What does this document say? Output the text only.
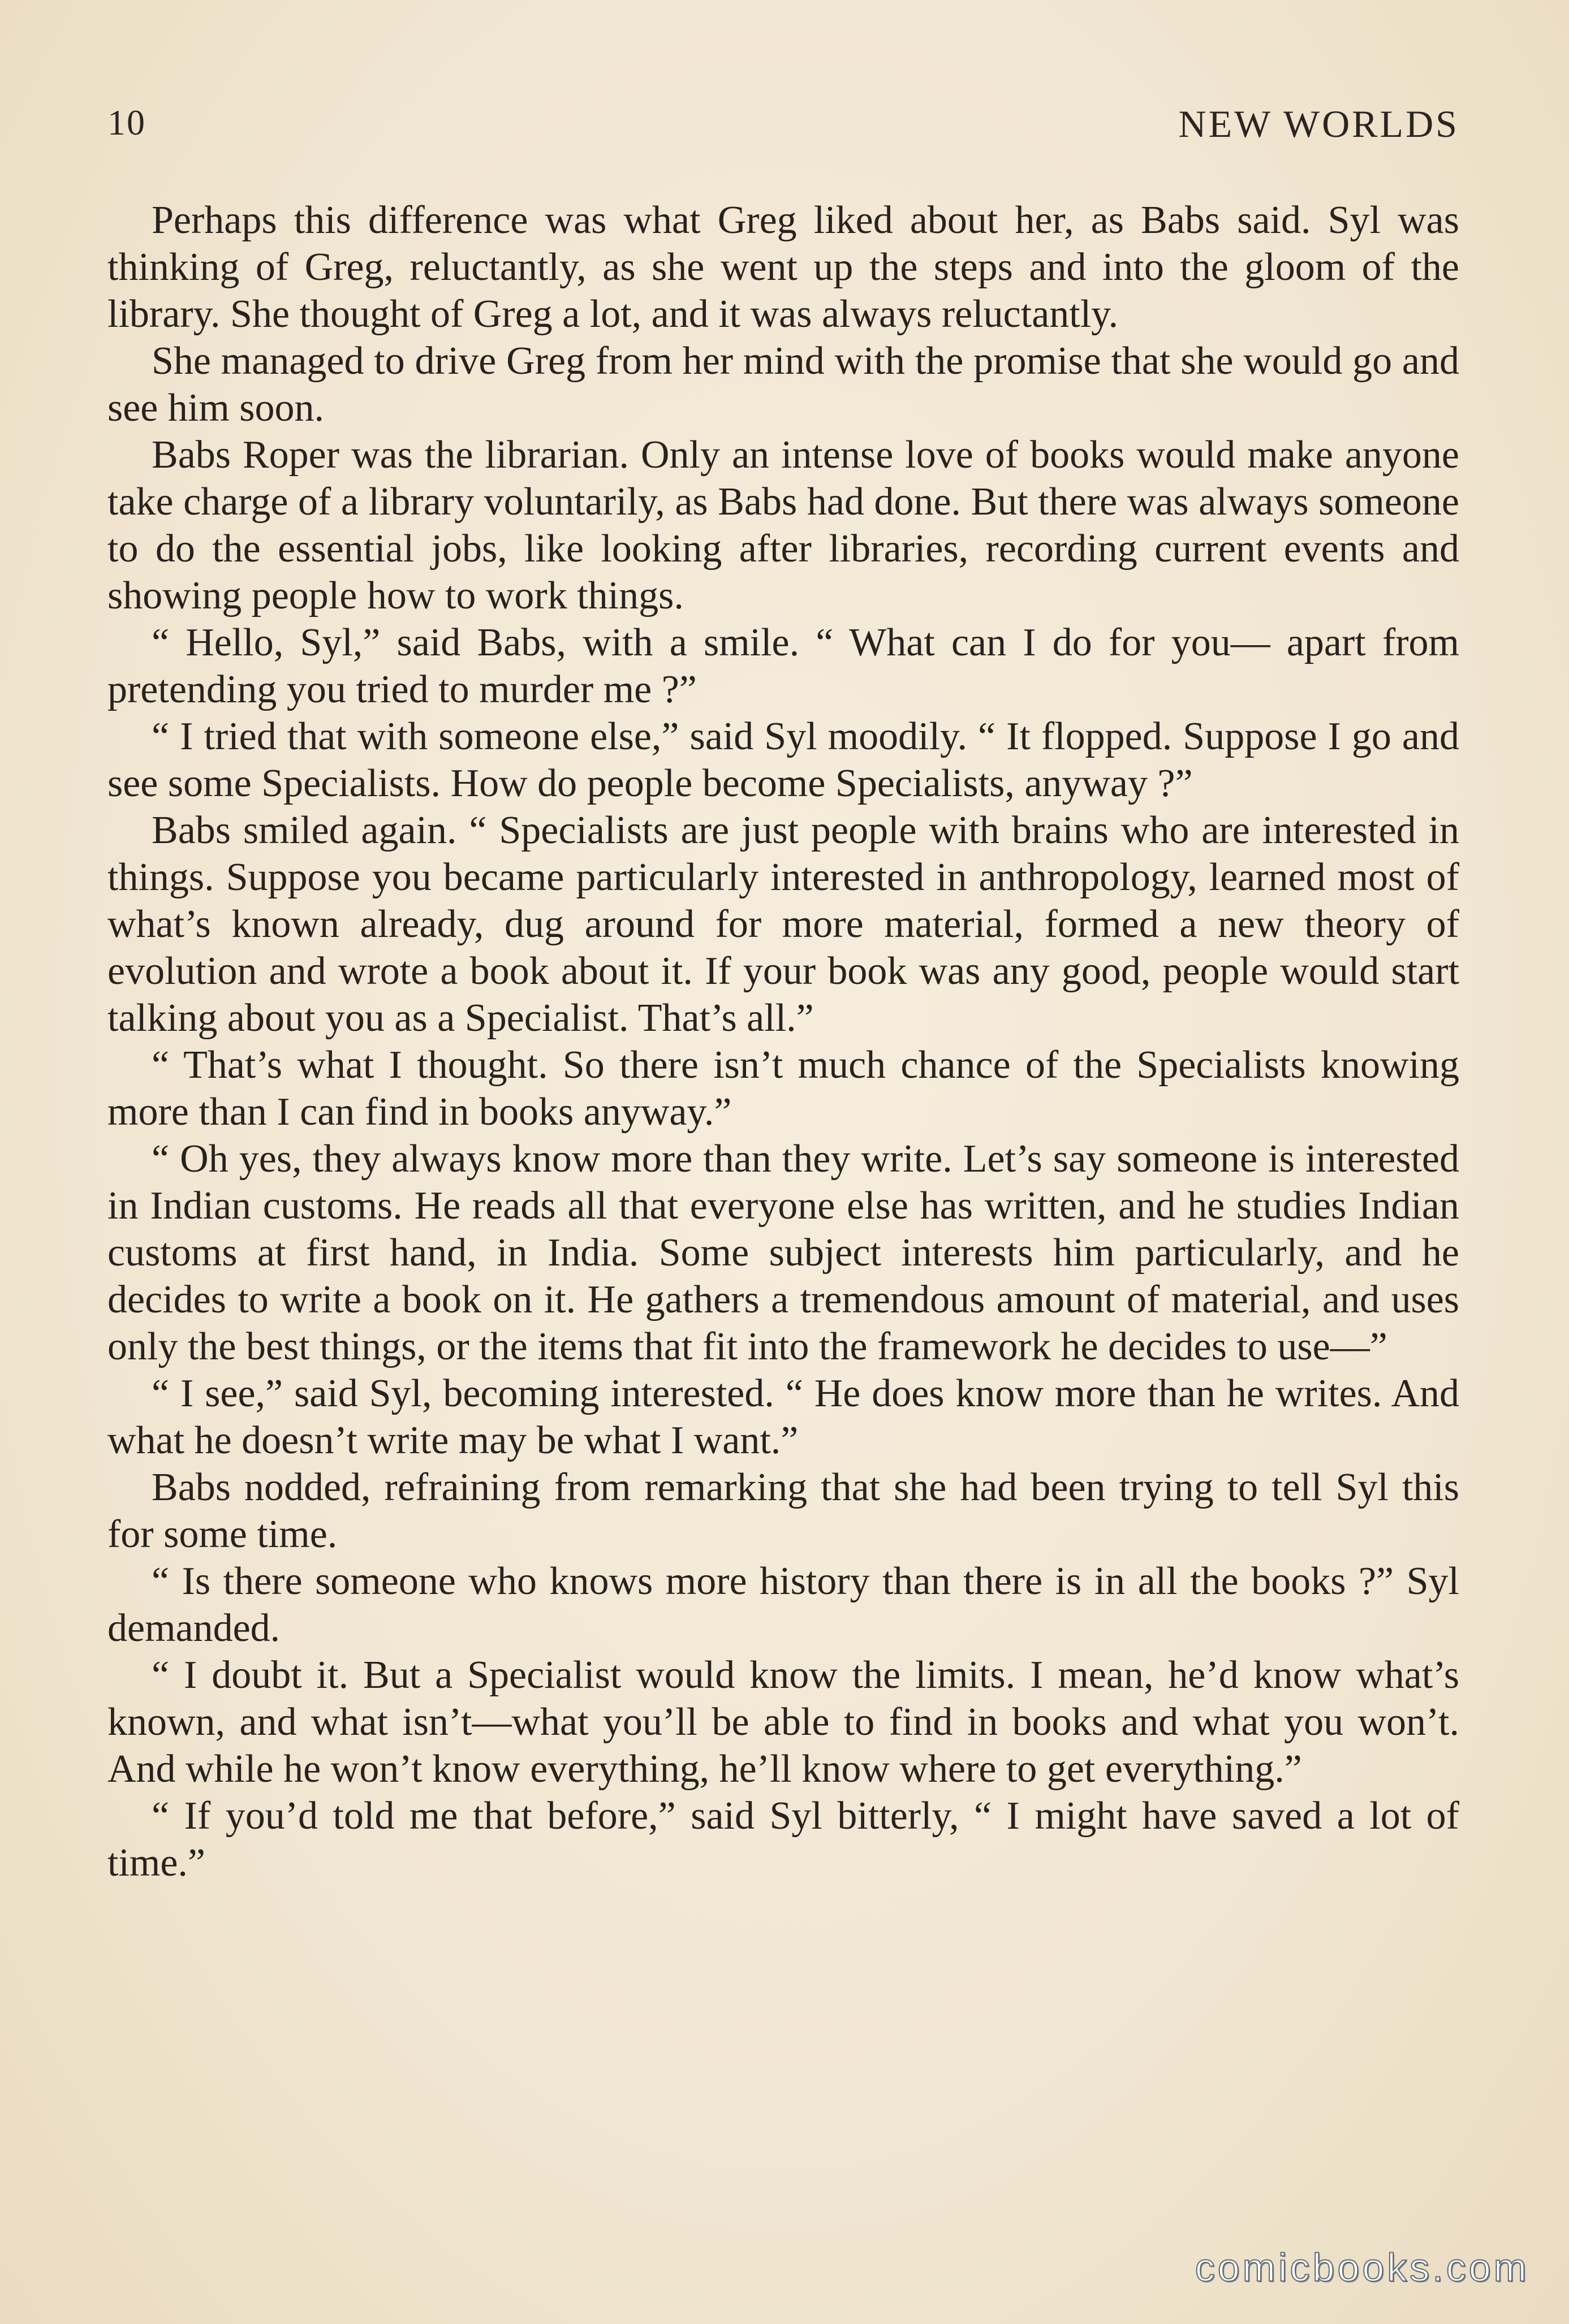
10	NEW WORLDS

Perhaps this difference was what Greg liked about her, as Babs said. Syl was thinking of Greg, reluctantly, as she went up the steps and into the gloom of the library. She thought of Greg a lot, and it was always reluctantly.

She managed to drive Greg from her mind with the promise that she would go and see him soon.

Babs Roper was the librarian. Only an intense love of books would make anyone take charge of a library voluntarily, as Babs had done. But there was always someone to do the essential jobs, like looking after libraries, recording current events and showing people how to work things.

“ Hello, Syl,” said Babs, with a smile. “ What can I do for you— apart from pretending you tried to murder me ?”

“ I tried that with someone else,” said Syl moodily. “ It flopped. Suppose I go and see some Specialists. How do people become Specialists, anyway ?”

Babs smiled again. “ Specialists are just people with brains who are interested in things. Suppose you became particularly interested in anthropology, learned most of what’s known already, dug around for more material, formed a new theory of evolution and wrote a book about it. If your book was any good, people would start talking about you as a Specialist. That’s all.”

“ That’s what I thought. So there isn’t much chance of the Specialists knowing more than I can find in books anyway.”

“ Oh yes, they always know more than they write. Let’s say someone is interested in Indian customs. He reads all that everyone else has written, and he studies Indian customs at first hand, in India. Some subject interests him particularly, and he decides to write a book on it. He gathers a tremendous amount of material, and uses only the best things, or the items that fit into the framework he decides to use—”

“ I see,” said Syl, becoming interested. “ He does know more than he writes. And what he doesn’t write may be what I want.”

Babs nodded, refraining from remarking that she had been trying to tell Syl this for some time.

“ Is there someone who knows more history than there is in all the books ?” Syl demanded.

“ I doubt it. But a Specialist would know the limits. I mean, he’d know what’s known, and what isn’t—what you’ll be able to find in books and what you won’t. And while he won’t know everything, he’ll know where to get everything.”

“ If you’d told me that before,” said Syl bitterly, “ I might have saved a lot of time.”

comicbooks.com
